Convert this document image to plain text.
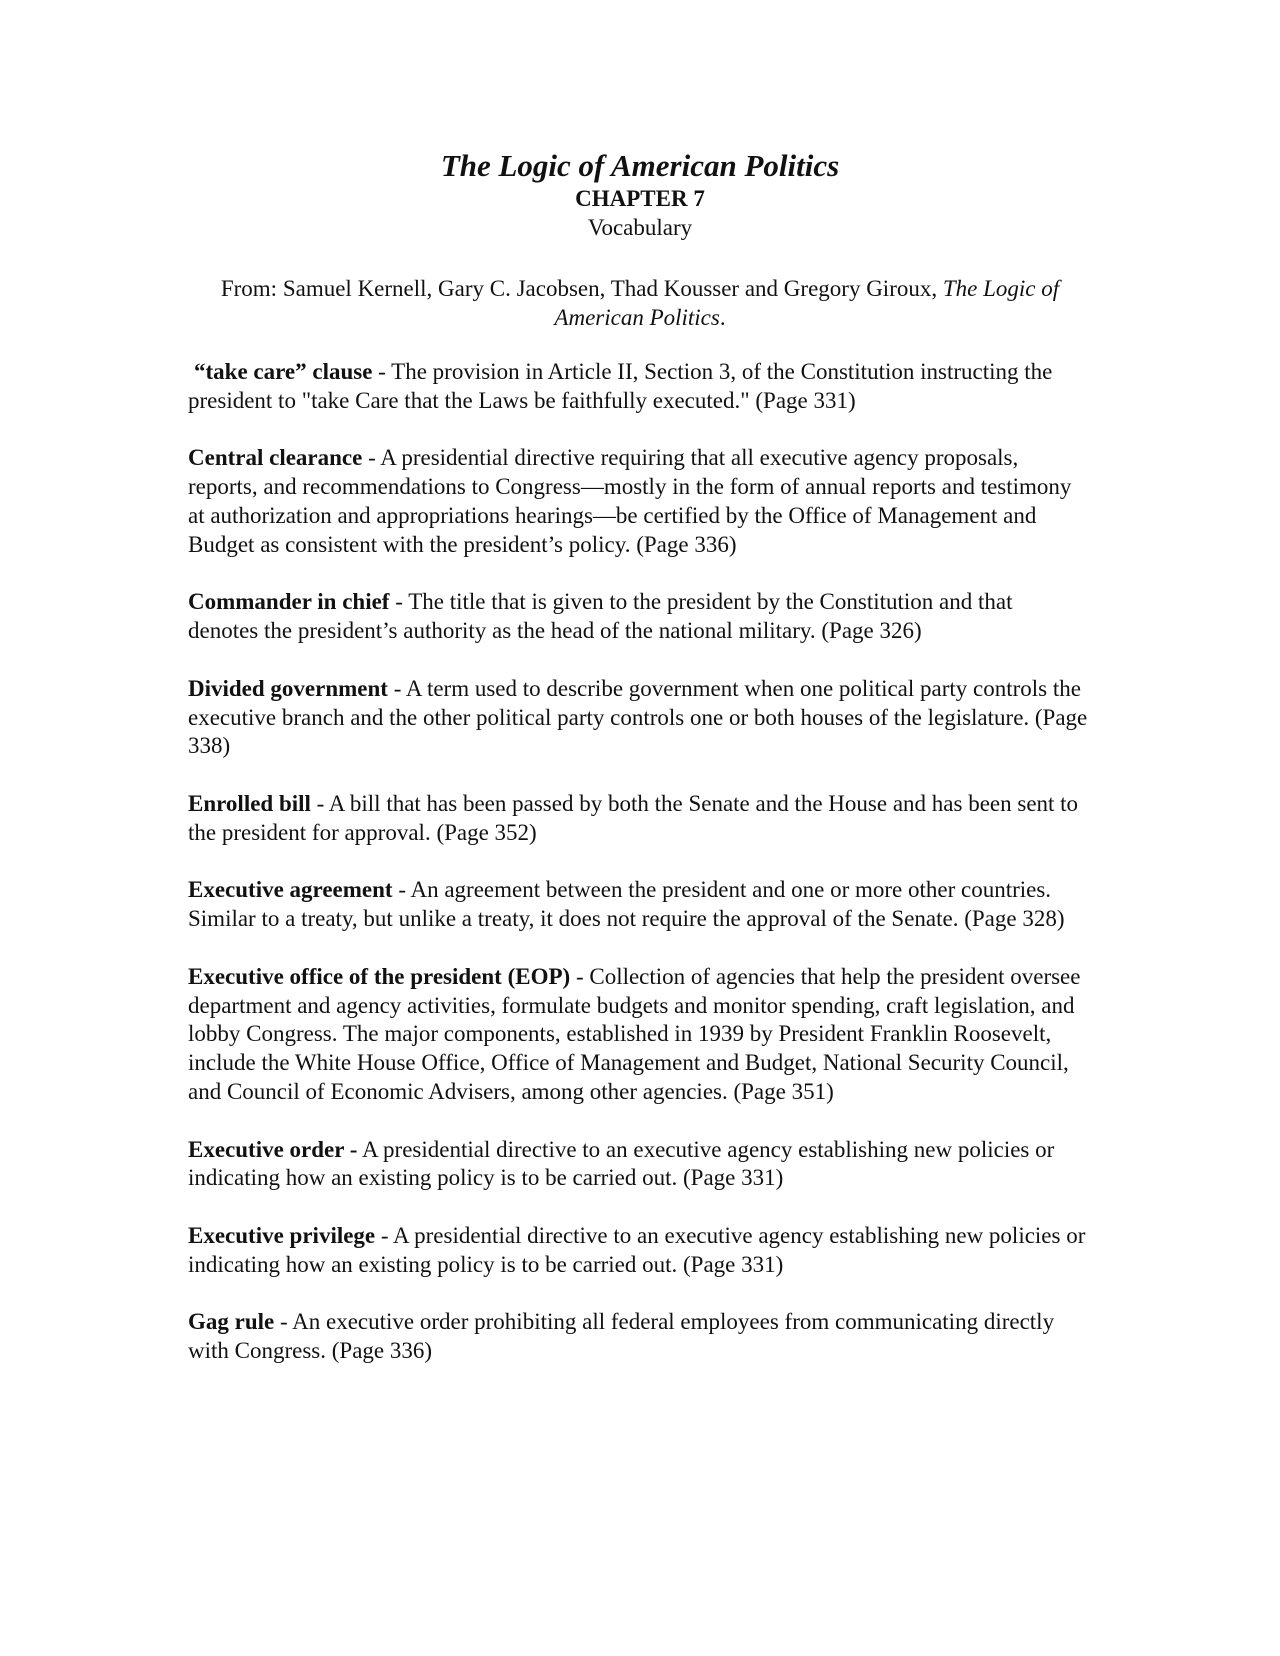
The Logic of American Politics

CHAPTER 7

Vocabulary

From: Samuel Kernell, Gary C. Jacobsen, Thad Kousser and Gregory Giroux, The Logic of American Politics.

“take care” clause - The provision in Article II, Section 3, of the Constitution instructing the president to "take Care that the Laws be faithfully executed." (Page 331)

Central clearance - A presidential directive requiring that all executive agency proposals, reports, and recommendations to Congress—mostly in the form of annual reports and testimony at authorization and appropriations hearings—be certified by the Office of Management and Budget as consistent with the president’s policy. (Page 336)

Commander in chief - The title that is given to the president by the Constitution and that denotes the president’s authority as the head of the national military. (Page 326)

Divided government - A term used to describe government when one political party controls the executive branch and the other political party controls one or both houses of the legislature. (Page 338)

Enrolled bill - A bill that has been passed by both the Senate and the House and has been sent to the president for approval. (Page 352)

Executive agreement - An agreement between the president and one or more other countries. Similar to a treaty, but unlike a treaty, it does not require the approval of the Senate. (Page 328)

Executive office of the president (EOP) - Collection of agencies that help the president oversee department and agency activities, formulate budgets and monitor spending, craft legislation, and lobby Congress. The major components, established in 1939 by President Franklin Roosevelt, include the White House Office, Office of Management and Budget, National Security Council, and Council of Economic Advisers, among other agencies. (Page 351)

Executive order - A presidential directive to an executive agency establishing new policies or indicating how an existing policy is to be carried out. (Page 331)

Executive privilege - A presidential directive to an executive agency establishing new policies or indicating how an existing policy is to be carried out. (Page 331)

Gag rule - An executive order prohibiting all federal employees from communicating directly with Congress. (Page 336)
